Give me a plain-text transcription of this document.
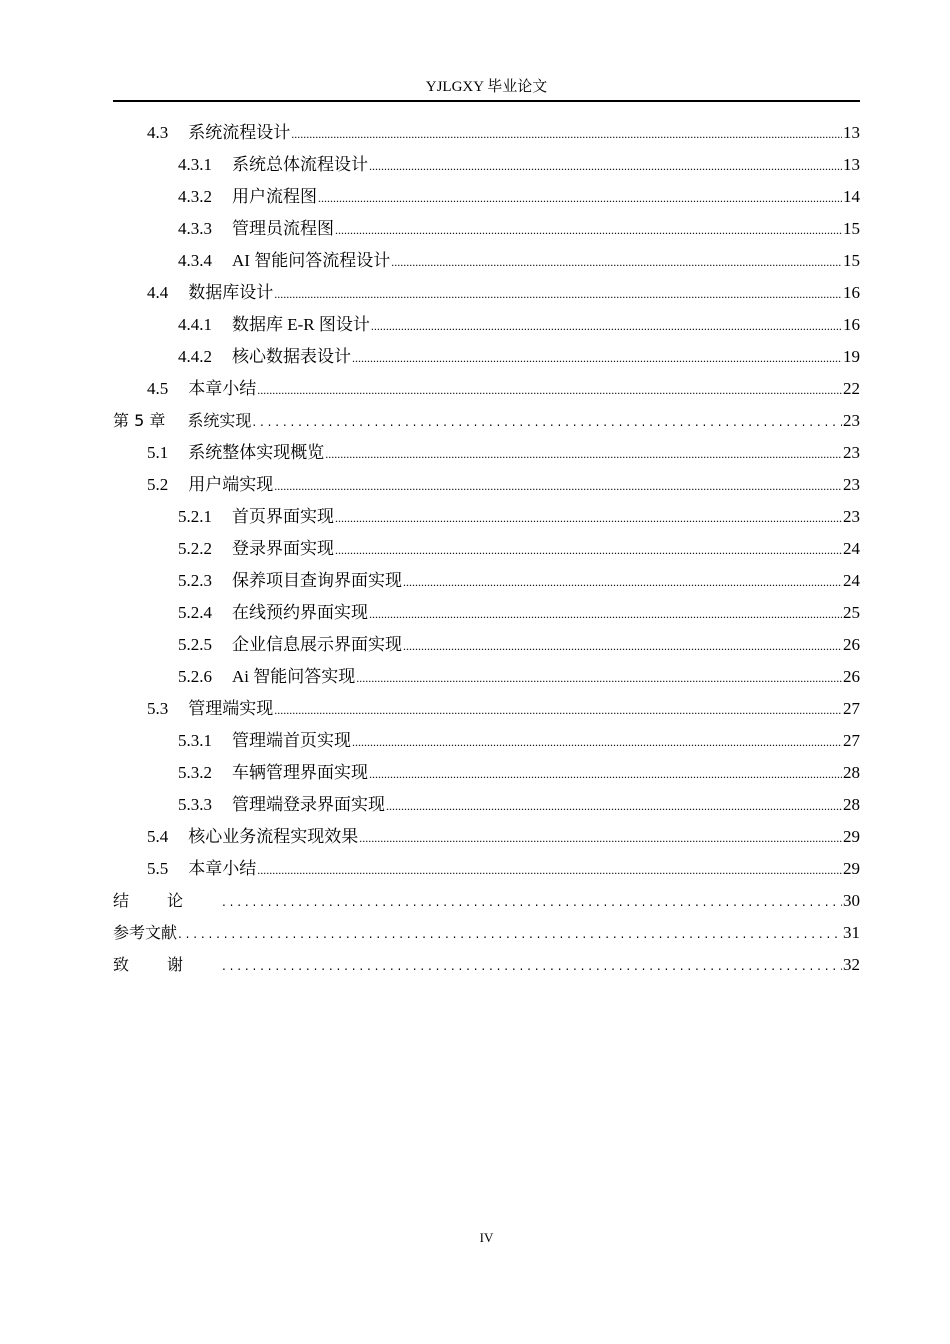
YJLGXY 毕业论文
4.3 系统流程设计 .....	13
4.3.1 系统总体流程设计 .....	13
4.3.2 用户流程图 .....	14
4.3.3 管理员流程图 .....	15
4.3.4 AI 智能问答流程设计 .....	15
4.4 数据库设计 .....	16
4.4.1 数据库 E-R 图设计 .....	16
4.4.2 核心数据表设计 .....	19
4.5 本章小结 .....	22
第 5 章 系统实现 . . .	23
5.1 系统整体实现概览 .....	23
5.2 用户端实现 .....	23
5.2.1 首页界面实现 .....	23
5.2.2 登录界面实现 .....	24
5.2.3 保养项目查询界面实现 .....	24
5.2.4 在线预约界面实现 .....	25
5.2.5 企业信息展示界面实现 .....	26
5.2.6 Ai 智能问答实现 .....	26
5.3 管理端实现 .....	27
5.3.1 管理端首页实现 .....	27
5.3.2 车辆管理界面实现 .....	28
5.3.3 管理端登录界面实现 .....	28
5.4 核心业务流程实现效果 .....	29
5.5 本章小结 .....	29
结论 . . .	30
参考文献 . . .	31
致谢 . . .	32
IV
